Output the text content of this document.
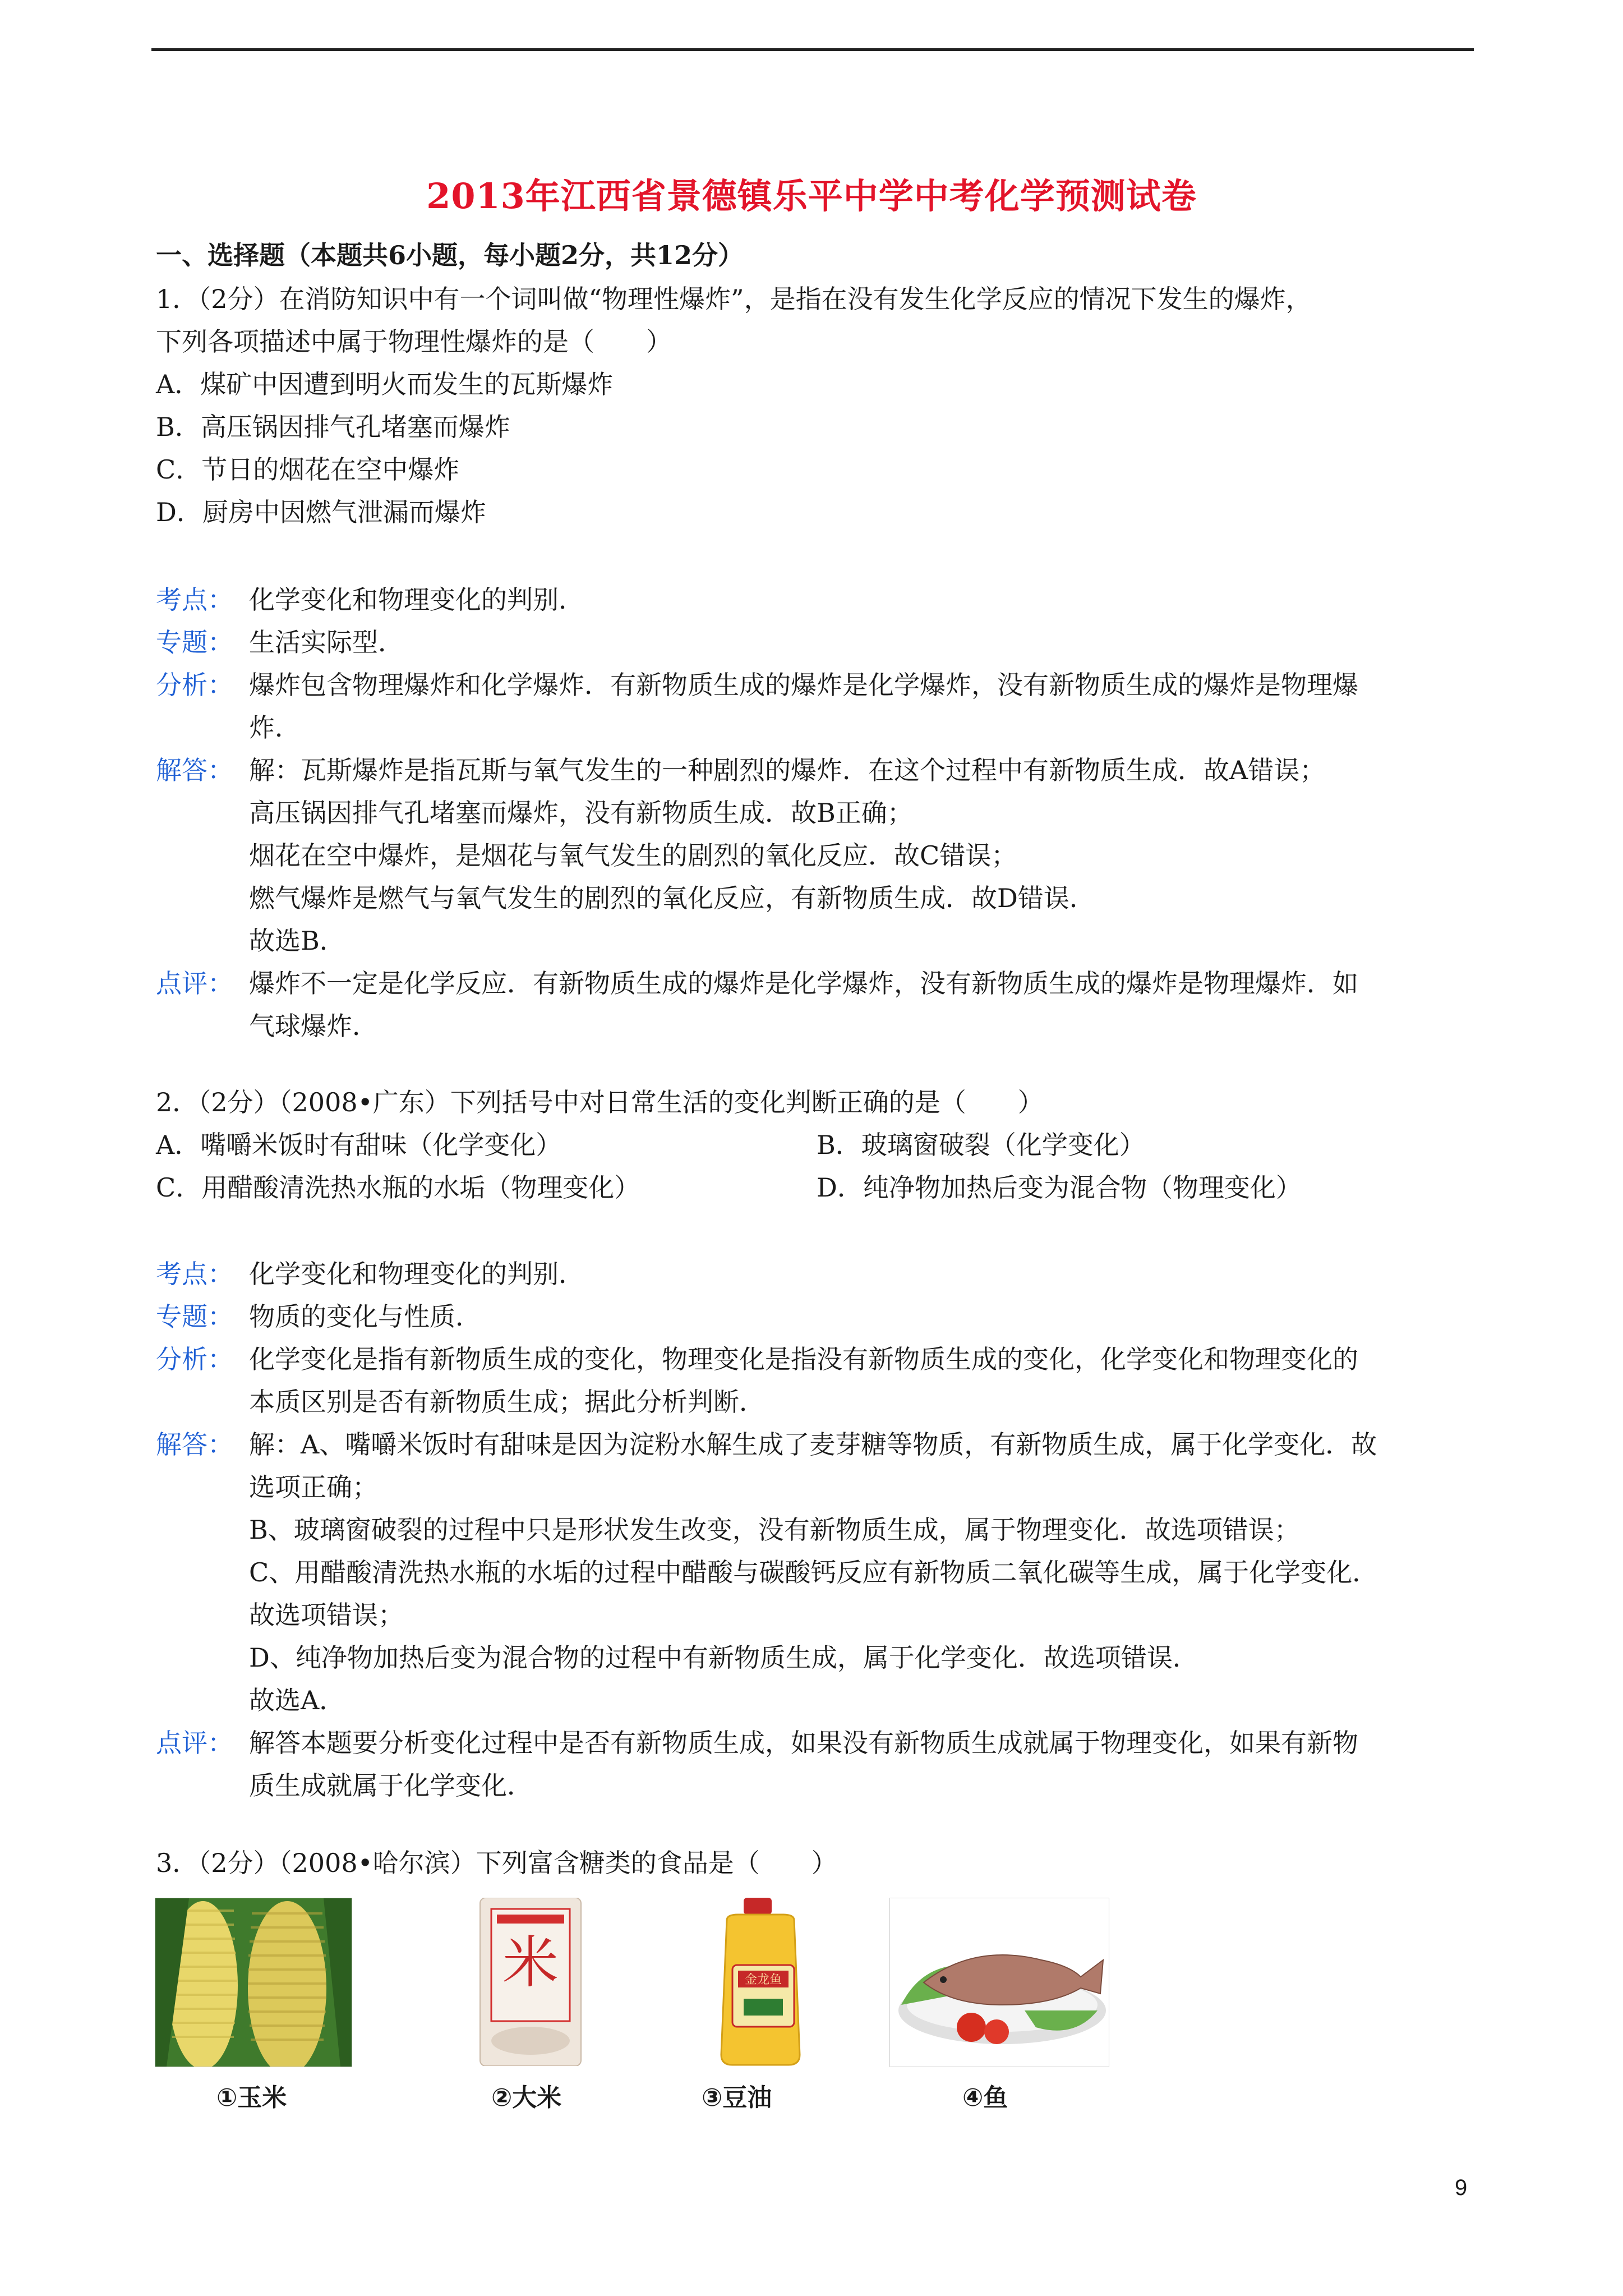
2013年江西省景德镇乐平中学中考化学预测试卷
一、选择题（本题共6小题，每小题2分，共12分）
1．（2分）在消防知识中有一个词叫做“物理性爆炸”，是指在没有发生化学反应的情况下发生的爆炸，
下列各项描述中属于物理性爆炸的是（　　）
A．煤矿中因遭到明火而发生的瓦斯爆炸
B．高压锅因排气孔堵塞而爆炸
C．节日的烟花在空中爆炸
D．厨房中因燃气泄漏而爆炸
考点： 化学变化和物理变化的判别．
专题： 生活实际型．
分析： 爆炸包含物理爆炸和化学爆炸．有新物质生成的爆炸是化学爆炸，没有新物质生成的爆炸是物理爆
炸．
解答： 解：瓦斯爆炸是指瓦斯与氧气发生的一种剧烈的爆炸．在这个过程中有新物质生成．故A错误；
高压锅因排气孔堵塞而爆炸，没有新物质生成．故B正确；
烟花在空中爆炸，是烟花与氧气发生的剧烈的氧化反应．故C错误；
燃气爆炸是燃气与氧气发生的剧烈的氧化反应，有新物质生成．故D错误．
故选B．
点评： 爆炸不一定是化学反应．有新物质生成的爆炸是化学爆炸，没有新物质生成的爆炸是物理爆炸．如
气球爆炸．
2．（2分）（2008•广东）下列括号中对日常生活的变化判断正确的是（　　）
A．嘴嚼米饭时有甜味（化学变化）	B．玻璃窗破裂（化学变化）
C．用醋酸清洗热水瓶的水垢（物理变化）	D．纯净物加热后变为混合物（物理变化）
考点： 化学变化和物理变化的判别．
专题： 物质的变化与性质．
分析： 化学变化是指有新物质生成的变化，物理变化是指没有新物质生成的变化，化学变化和物理变化的
本质区别是否有新物质生成；据此分析判断．
解答： 解：A、嘴嚼米饭时有甜味是因为淀粉水解生成了麦芽糖等物质，有新物质生成，属于化学变化．故
选项正确；
B、玻璃窗破裂的过程中只是形状发生改变，没有新物质生成，属于物理变化．故选项错误；
C、用醋酸清洗热水瓶的水垢的过程中醋酸与碳酸钙反应有新物质二氧化碳等生成，属于化学变化．
故选项错误；
D、纯净物加热后变为混合物的过程中有新物质生成，属于化学变化．故选项错误．
故选A．
点评： 解答本题要分析变化过程中是否有新物质生成，如果没有新物质生成就属于物理变化，如果有新物
质生成就属于化学变化．
3．（2分）（2008•哈尔滨）下列富含糖类的食品是（　　）
①玉米
米
②大米
金龙鱼
③豆油	④鱼
9
